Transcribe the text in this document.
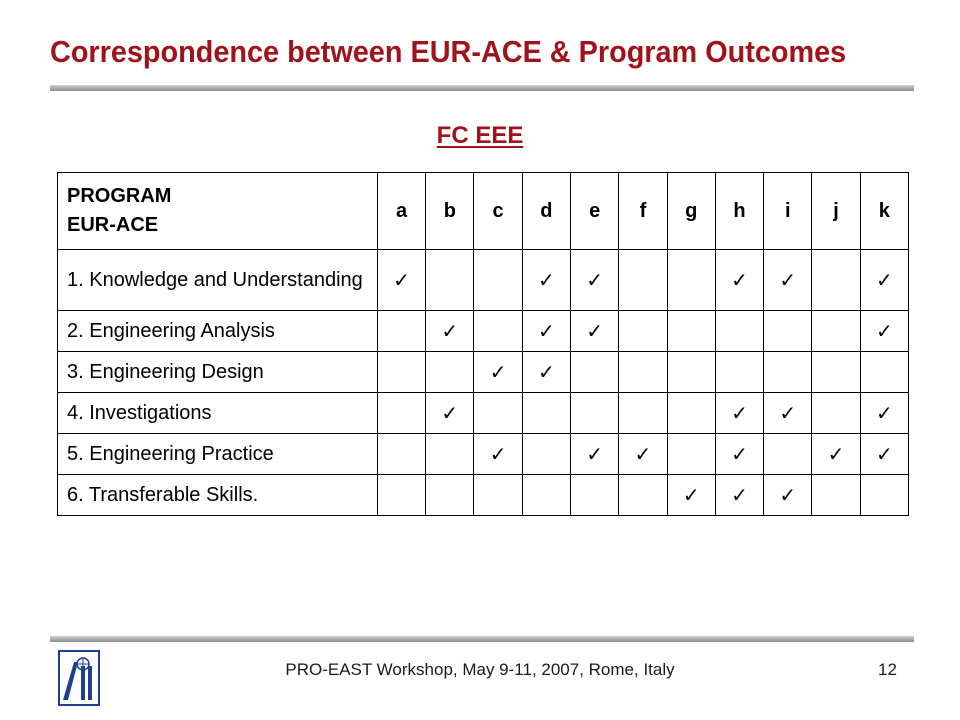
Correspondence between EUR-ACE & Program Outcomes
FC EEE
PROGRAM
EUR-ACE	a	b	c	d	e	f	g	h	i	j	k
1. Knowledge and Understanding	✓			✓	✓			✓	✓		✓
2. Engineering Analysis		✓		✓	✓						✓
3. Engineering Design			✓	✓							
4. Investigations		✓						✓	✓		✓
5. Engineering Practice			✓		✓	✓		✓		✓	✓
6. Transferable Skills.							✓	✓	✓		
PRO-EAST Workshop, May 9-11, 2007, Rome, Italy	12
